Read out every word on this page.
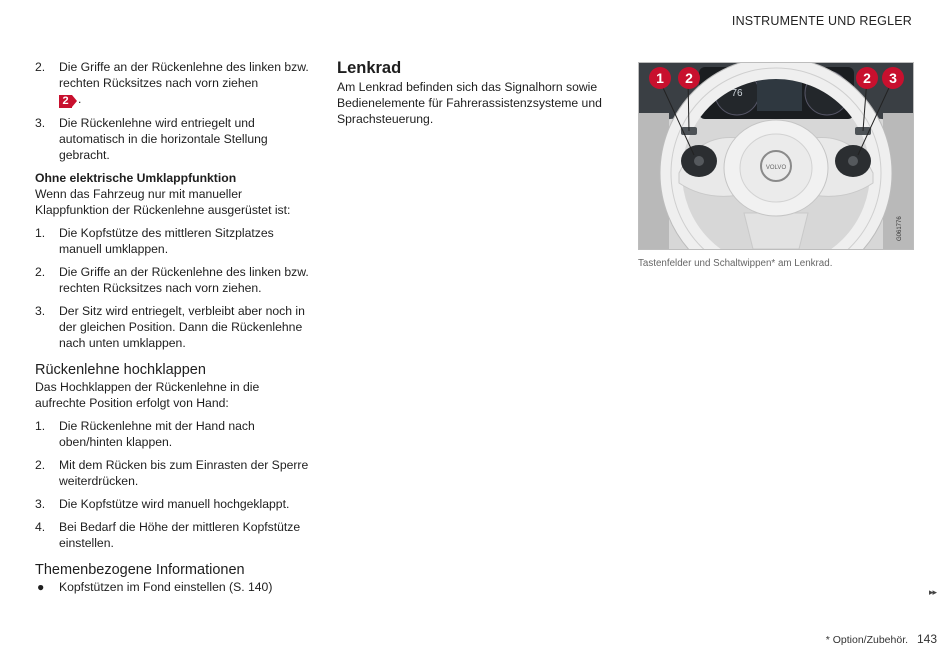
INSTRUMENTE UND REGLER
2. Die Griffe an der Rückenlehne des linken bzw. rechten Rücksitzes nach vorn ziehen
2 .
3. Die Rückenlehne wird entriegelt und automatisch in die horizontale Stellung gebracht.
Ohne elektrische Umklappfunktion
Wenn das Fahrzeug nur mit manueller Klappfunktion der Rückenlehne ausgerüstet ist:
1. Die Kopfstütze des mittleren Sitzplatzes manuell umklappen.
2. Die Griffe an der Rückenlehne des linken bzw. rechten Rücksitzes nach vorn ziehen.
3. Der Sitz wird entriegelt, verbleibt aber noch in der gleichen Position. Dann die Rückenlehne nach unten umklappen.
Rückenlehne hochklappen
Das Hochklappen der Rückenlehne in die aufrechte Position erfolgt von Hand:
1. Die Rückenlehne mit der Hand nach oben/hinten klappen.
2. Mit dem Rücken bis zum Einrasten der Sperre weiterdrücken.
3. Die Kopfstütze wird manuell hochgeklappt.
4. Bei Bedarf die Höhe der mittleren Kopfstütze einstellen.
Themenbezogene Informationen
● Kopfstützen im Fond einstellen (S. 140)
Lenkrad
Am Lenkrad befinden sich das Signalhorn sowie Bedienelemente für Fahrerassistenzsysteme und Sprachsteuerung.
76
VOLVO
G061776
1	2	2	3
Tastenfelder und Schaltwippen* am Lenkrad.
▸▸
* Option/Zubehör. 143
